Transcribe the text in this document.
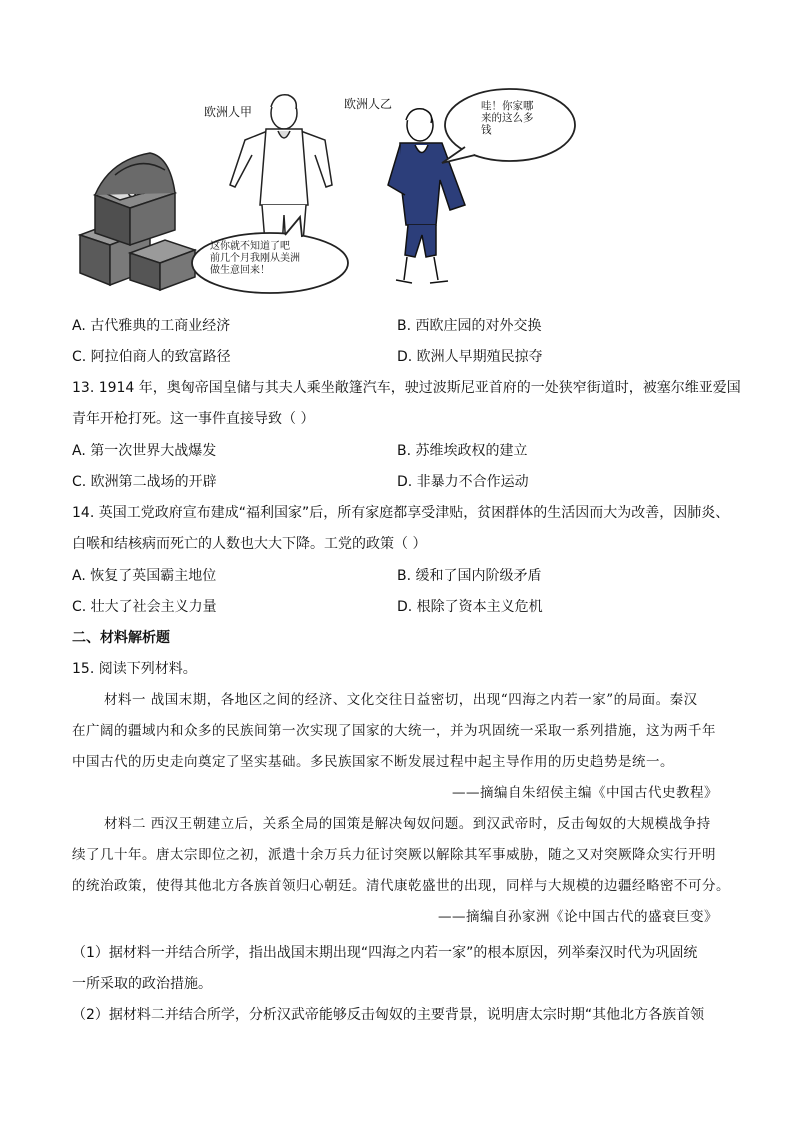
欧洲人甲
欧洲人乙	哇！你家哪
来的这么多
钱
这你就不知道了吧
前几个月我刚从美洲
做生意回来！
A. 古代雅典的工商业经济	B. 西欧庄园的对外交换
C. 阿拉伯商人的致富路径	D. 欧洲人早期殖民掠夺
13. 1914 年，奥匈帝国皇储与其夫人乘坐敞篷汽车，驶过波斯尼亚首府的一处狭窄街道时，被塞尔维亚爱国
青年开枪打死。这一事件直接导致（ ）
A. 第一次世界大战爆发	B. 苏维埃政权的建立
C. 欧洲第二战场的开辟	D. 非暴力不合作运动
14. 英国工党政府宣布建成“福利国家”后，所有家庭都享受津贴，贫困群体的生活因而大为改善，因肺炎、
白喉和结核病而死亡的人数也大大下降。工党的政策（ ）
A. 恢复了英国霸主地位	B. 缓和了国内阶级矛盾
C. 壮大了社会主义力量	D. 根除了资本主义危机
二、材料解析题
15. 阅读下列材料。
材料一 战国末期，各地区之间的经济、文化交往日益密切，出现“四海之内若一家”的局面。秦汉
在广阔的疆域内和众多的民族间第一次实现了国家的大统一，并为巩固统一采取一系列措施，这为两千年
中国古代的历史走向奠定了坚实基础。多民族国家不断发展过程中起主导作用的历史趋势是统一。
——摘编自朱绍侯主编《中国古代史教程》
材料二 西汉王朝建立后，关系全局的国策是解决匈奴问题。到汉武帝时，反击匈奴的大规模战争持
续了几十年。唐太宗即位之初，派遣十余万兵力征讨突厥以解除其军事威胁，随之又对突厥降众实行开明
的统治政策，使得其他北方各族首领归心朝廷。清代康乾盛世的出现，同样与大规模的边疆经略密不可分。
——摘编自孙家洲《论中国古代的盛衰巨变》
（1）据材料一并结合所学，指出战国末期出现“四海之内若一家”的根本原因，列举秦汉时代为巩固统
一所采取的政治措施。
（2）据材料二并结合所学，分析汉武帝能够反击匈奴的主要背景，说明唐太宗时期“其他北方各族首领
